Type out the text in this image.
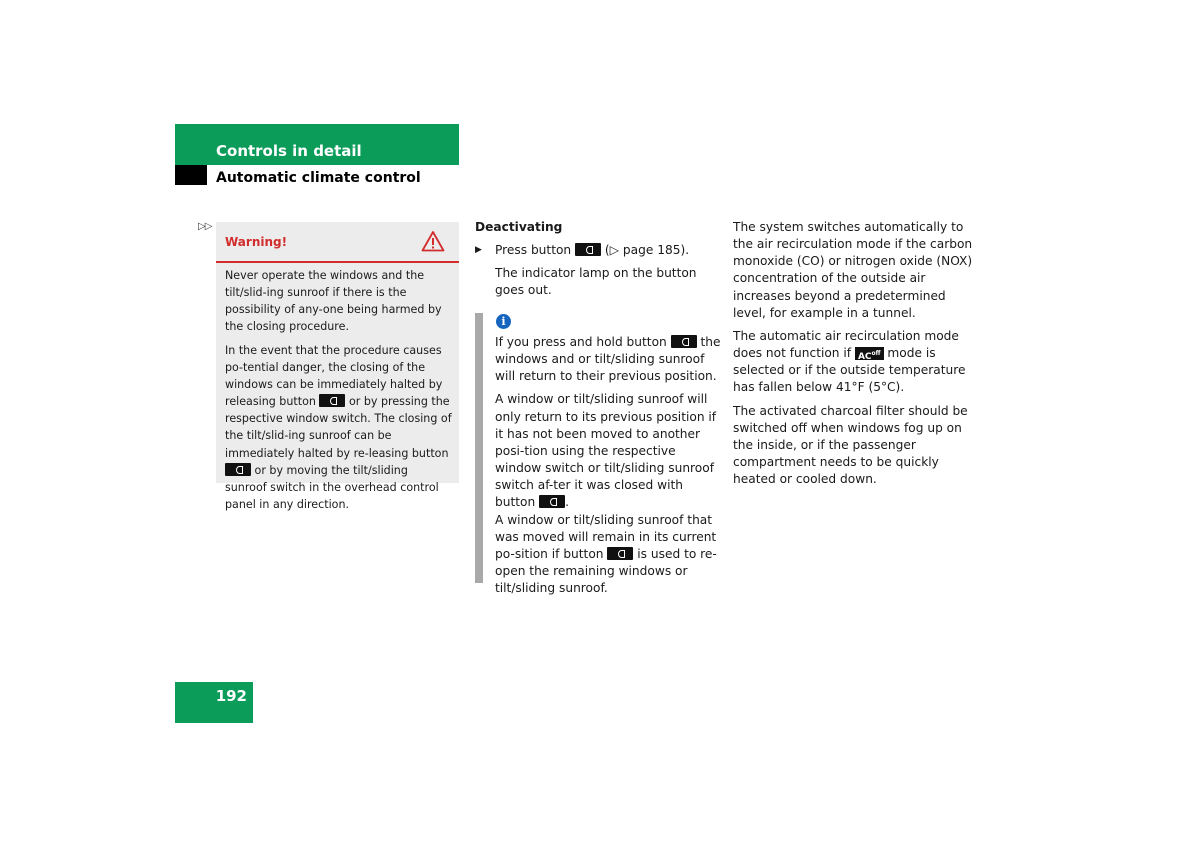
Controls in detail
Automatic climate control
▷▷
Warning!

Never operate the windows and the tilt/slid-ing sunroof if there is the possibility of any-one being harmed by the closing procedure.

In the event that the procedure causes po-tential danger, the closing of the windows can be immediately halted by releasing button	or by pressing the respective window switch. The closing of the tilt/slid-ing sunroof can be immediately halted by re-leasing button  or by moving the tilt/sliding sunroof switch in the overhead control panel in any direction.

Deactivating

▶ Press button	(▷ page 185).

The indicator lamp on the button goes out.

i

If you press and hold button	the windows and or tilt/sliding sunroof will return to their previous position.

A window or tilt/sliding sunroof will only return to its previous position if it has not been moved to another posi-tion using the respective window switch or tilt/sliding sunroof switch af-ter it was closed with button .

A window or tilt/sliding sunroof that was moved will remain in its current po-sition if button	is used to re-open the remaining windows or tilt/sliding sunroof.

The system switches automatically to the air recirculation mode if the carbon monoxide (CO) or nitrogen oxide (NOX) concentration of the outside air increases beyond a predetermined level, for example in a tunnel.

The automatic air recirculation mode does not function if $AC^{off}$ mode is selected or if the outside temperature has fallen below 41°F (5°C).

The activated charcoal filter should be switched off when windows fog up on the inside, or if the passenger compartment needs to be quickly heated or cooled down.

192
